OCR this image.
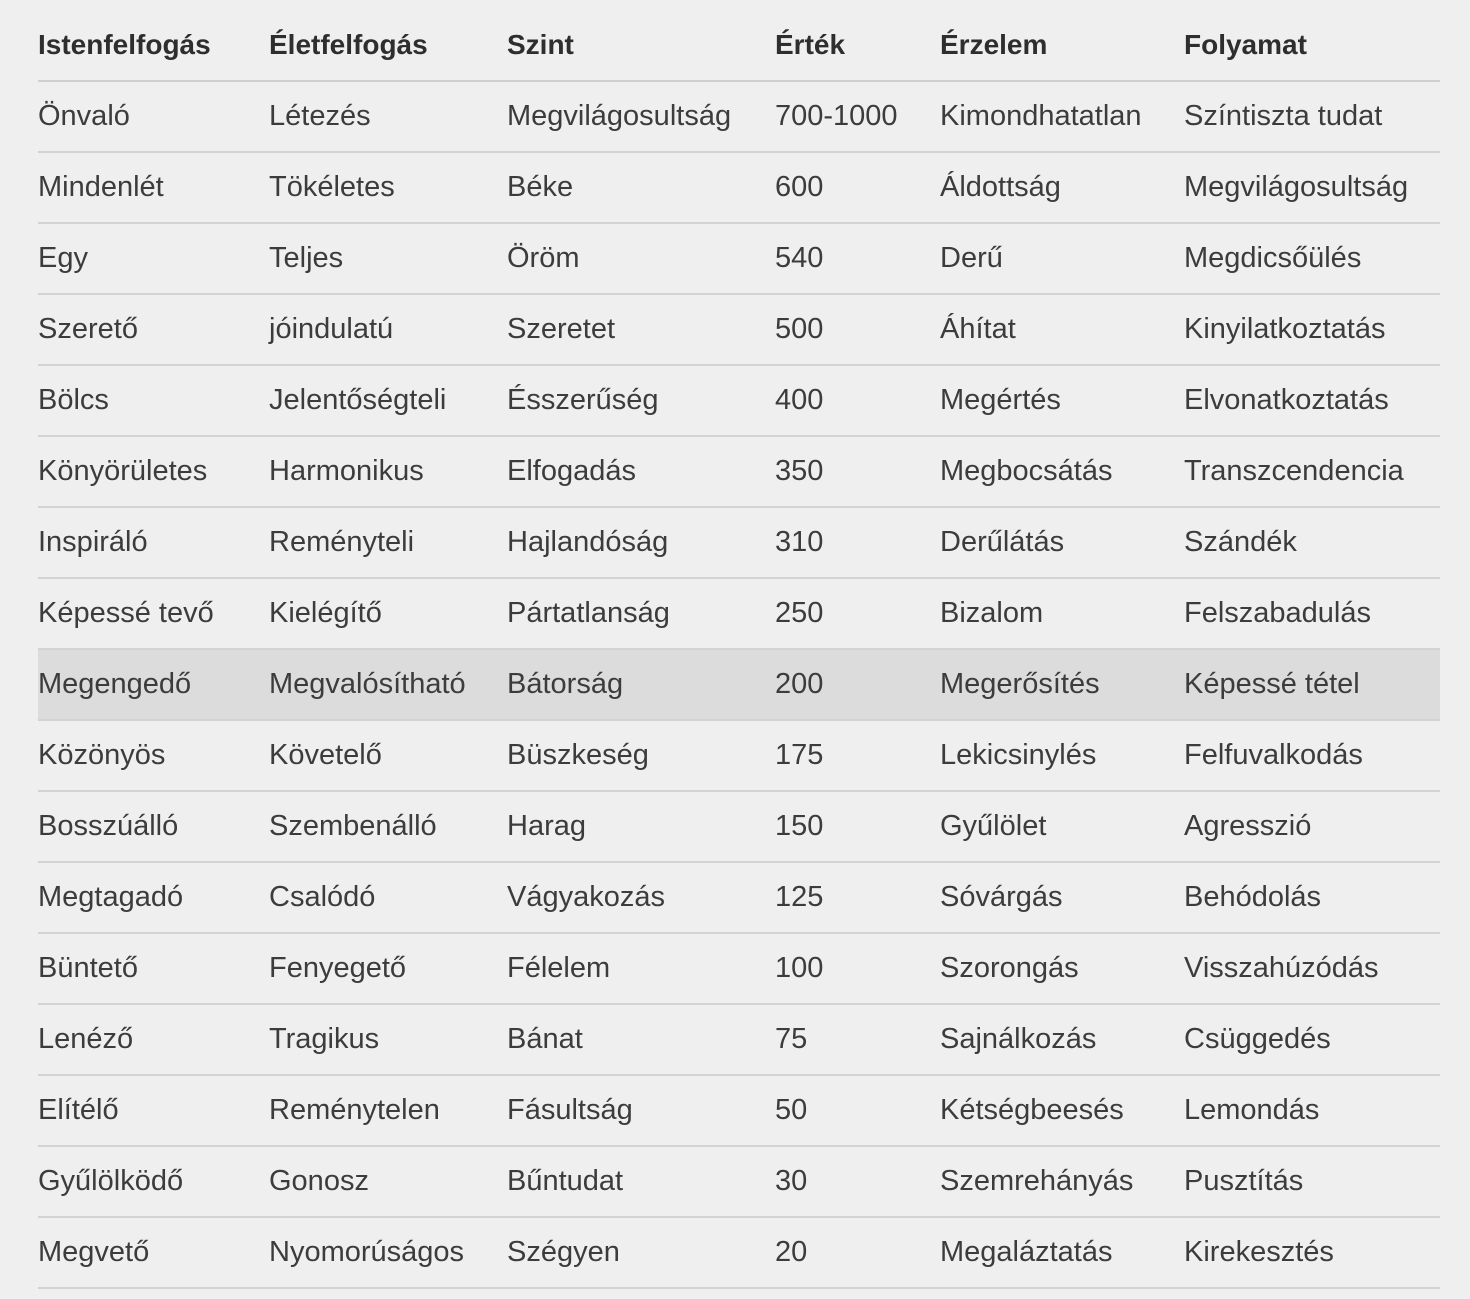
Istenfelfogás	Életfelfogás	Szint	Érték	Érzelem	Folyamat
Önvaló	Létezés	Megvilágosultság	700-1000	Kimondhatatlan	Színtiszta tudat
Mindenlét	Tökéletes	Béke	600	Áldottság	Megvilágosultság
Egy	Teljes	Öröm	540	Derű	Megdicsőülés
Szerető	jóindulatú	Szeretet	500	Áhítat	Kinyilatkoztatás
Bölcs	Jelentőségteli	Ésszerűség	400	Megértés	Elvonatkoztatás
Könyörületes	Harmonikus	Elfogadás	350	Megbocsátás	Transzcendencia
Inspiráló	Reményteli	Hajlandóság	310	Derűlátás	Szándék
Képessé tevő	Kielégítő	Pártatlanság	250	Bizalom	Felszabadulás
Megengedő	Megvalósítható	Bátorság	200	Megerősítés	Képessé tétel
Közönyös	Követelő	Büszkeség	175	Lekicsinylés	Felfuvalkodás
Bosszúálló	Szembenálló	Harag	150	Gyűlölet	Agresszió
Megtagadó	Csalódó	Vágyakozás	125	Sóvárgás	Behódolás
Büntető	Fenyegető	Félelem	100	Szorongás	Visszahúzódás
Lenéző	Tragikus	Bánat	75	Sajnálkozás	Csüggedés
Elítélő	Reménytelen	Fásultság	50	Kétségbeesés	Lemondás
Gyűlölködő	Gonosz	Bűntudat	30	Szemrehányás	Pusztítás
Megvető	Nyomorúságos	Szégyen	20	Megaláztatás	Kirekesztés
